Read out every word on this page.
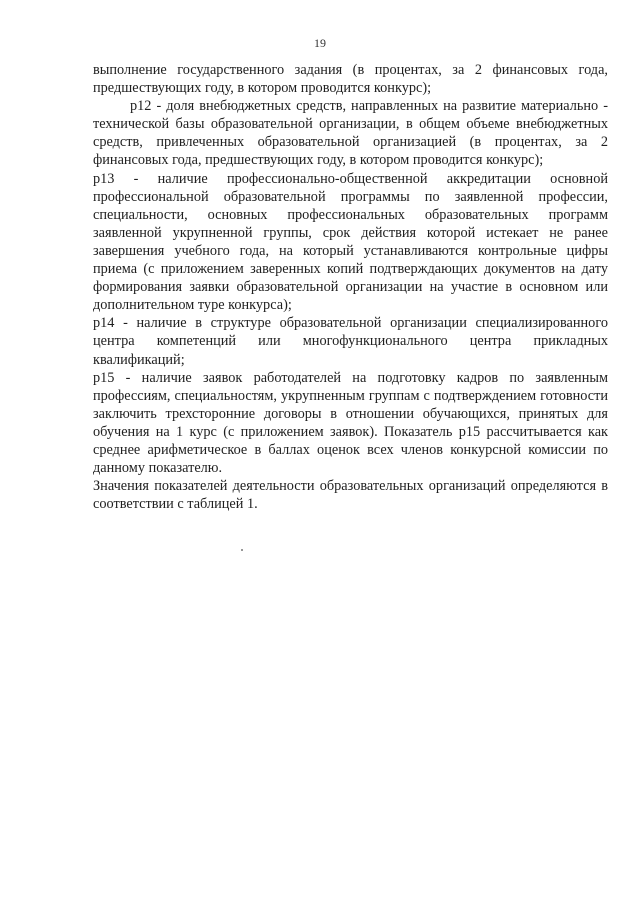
19

выполнение государственного задания (в процентах, за 2 финансовых года, предшествующих году, в котором проводится конкурс);

р12 - доля внебюджетных средств, направленных на развитие материально - технической базы образовательной организации, в общем объеме внебюджетных средств, привлеченных образовательной организацией (в процентах, за 2 финансовых года, предшествующих году, в котором проводится конкурс);

р13 - наличие профессионально-общественной аккредитации основной профессиональной образовательной программы по заявленной профессии, специальности, основных профессиональных образовательных программ заявленной укрупненной группы, срок действия которой истекает не ранее завершения учебного года, на который устанавливаются контрольные цифры приема (с приложением заверенных копий подтверждающих документов на дату формирования заявки образовательной организации на участие в основном или дополнительном туре конкурса);

р14 - наличие в структуре образовательной организации специализированного центра компетенций или многофункционального центра прикладных квалификаций;

р15 - наличие заявок работодателей на подготовку кадров по заявленным профессиям, специальностям, укрупненным группам с подтверждением готовности заключить трехсторонние договоры в отношении обучающихся, принятых для обучения на 1 курс (с приложением заявок). Показатель р15 рассчитывается как среднее арифметическое в баллах оценок всех членов конкурсной комиссии по данному показателю.

Значения показателей деятельности образовательных организаций определяются в соответствии с таблицей 1.
